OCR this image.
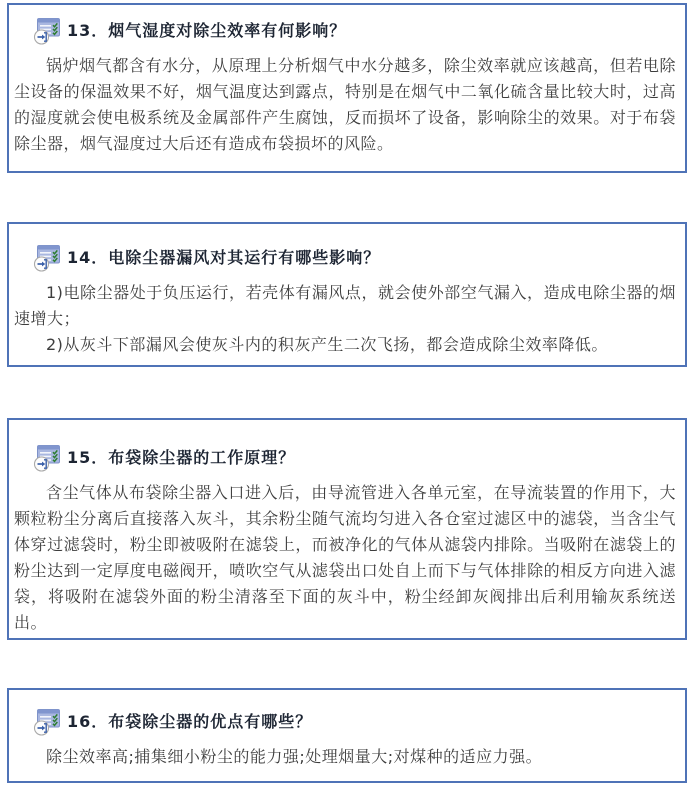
13．烟气湿度对除尘效率有何影响？

锅炉烟气都含有水分，从原理上分析烟气中水分越多，除尘效率就应该越高，但若电除尘设备的保温效果不好，烟气温度达到露点，特别是在烟气中二氧化硫含量比较大时，过高的湿度就会使电极系统及金属部件产生腐蚀，反而损坏了设备，影响除尘的效果。对于布袋除尘器，烟气湿度过大后还有造成布袋损坏的风险。

14．电除尘器漏风对其运行有哪些影响？

1)电除尘器处于负压运行，若壳体有漏风点，就会使外部空气漏入，造成电除尘器的烟速增大；

2)从灰斗下部漏风会使灰斗内的积灰产生二次飞扬，都会造成除尘效率降低。

15．布袋除尘器的工作原理？

含尘气体从布袋除尘器入口进入后，由导流管进入各单元室，在导流装置的作用下，大颗粒粉尘分离后直接落入灰斗，其余粉尘随气流均匀进入各仓室过滤区中的滤袋，当含尘气体穿过滤袋时，粉尘即被吸附在滤袋上，而被净化的气体从滤袋内排除。当吸附在滤袋上的粉尘达到一定厚度电磁阀开，喷吹空气从滤袋出口处自上而下与气体排除的相反方向进入滤袋，将吸附在滤袋外面的粉尘清落至下面的灰斗中，粉尘经卸灰阀排出后利用输灰系统送出。

16．布袋除尘器的优点有哪些？

除尘效率高;捕集细小粉尘的能力强;处理烟量大;对煤种的适应力强。
